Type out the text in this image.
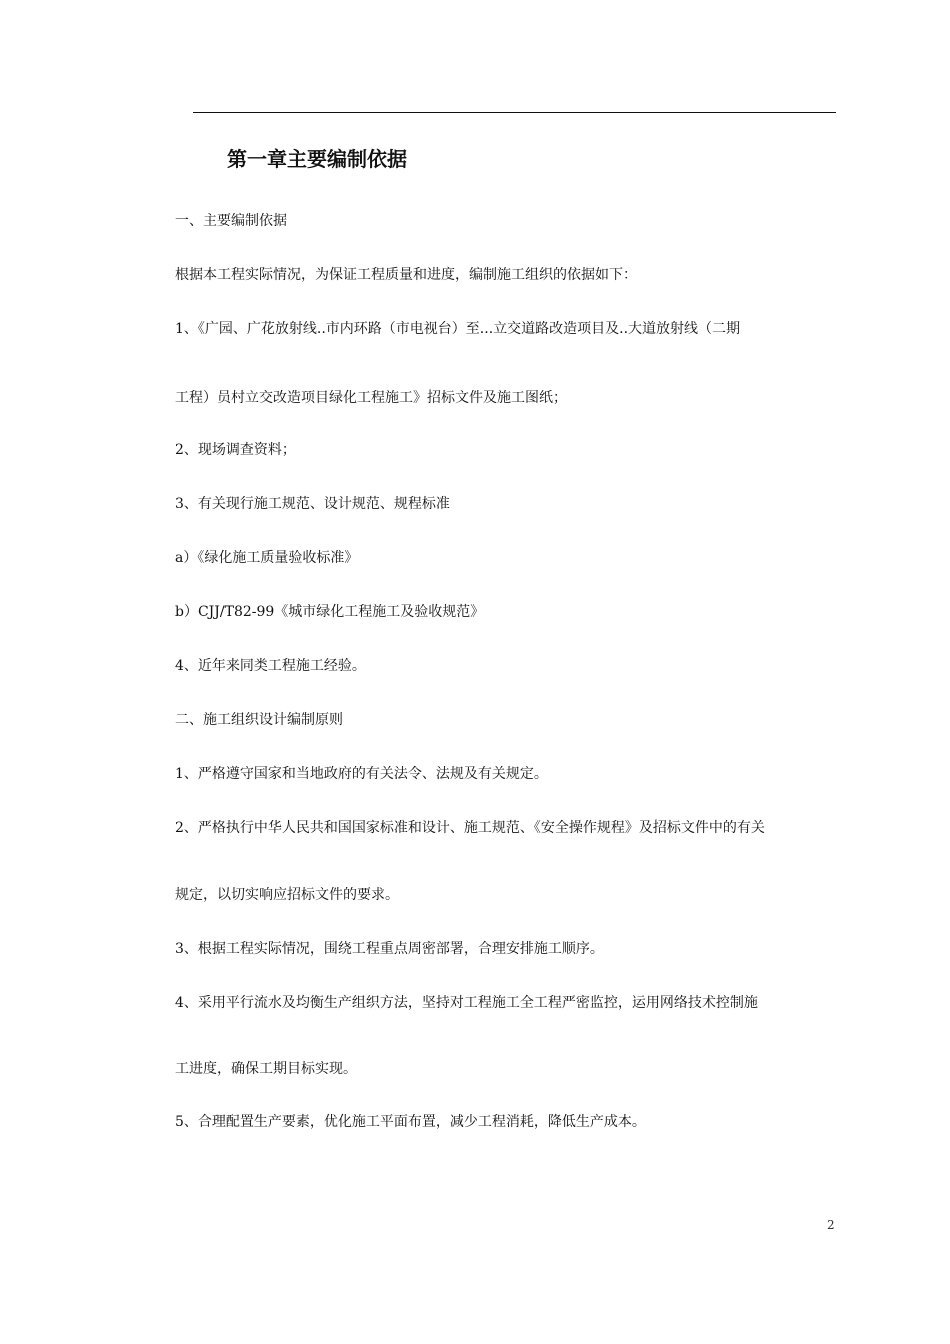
第一章主要编制依据
一、主要编制依据
根据本工程实际情况，为保证工程质量和进度，编制施工组织的依据如下：
1、《广园、广花放射线..市内环路（市电视台）至...立交道路改造项目及..大道放射线（二期
工程）员村立交改造项目绿化工程施工》招标文件及施工图纸；
2、现场调查资料；
3、有关现行施工规范、设计规范、规程标准
a）《绿化施工质量验收标准》
b）CJJ/T82-99《城市绿化工程施工及验收规范》
4、近年来同类工程施工经验。
二、施工组织设计编制原则
1、严格遵守国家和当地政府的有关法令、法规及有关规定。
2、严格执行中华人民共和国国家标准和设计、施工规范、《安全操作规程》及招标文件中的有关
规定，以切实响应招标文件的要求。
3、根据工程实际情况，围绕工程重点周密部署，合理安排施工顺序。
4、采用平行流水及均衡生产组织方法，坚持对工程施工全工程严密监控，运用网络技术控制施
工进度，确保工期目标实现。
5、合理配置生产要素，优化施工平面布置，减少工程消耗，降低生产成本。
2
